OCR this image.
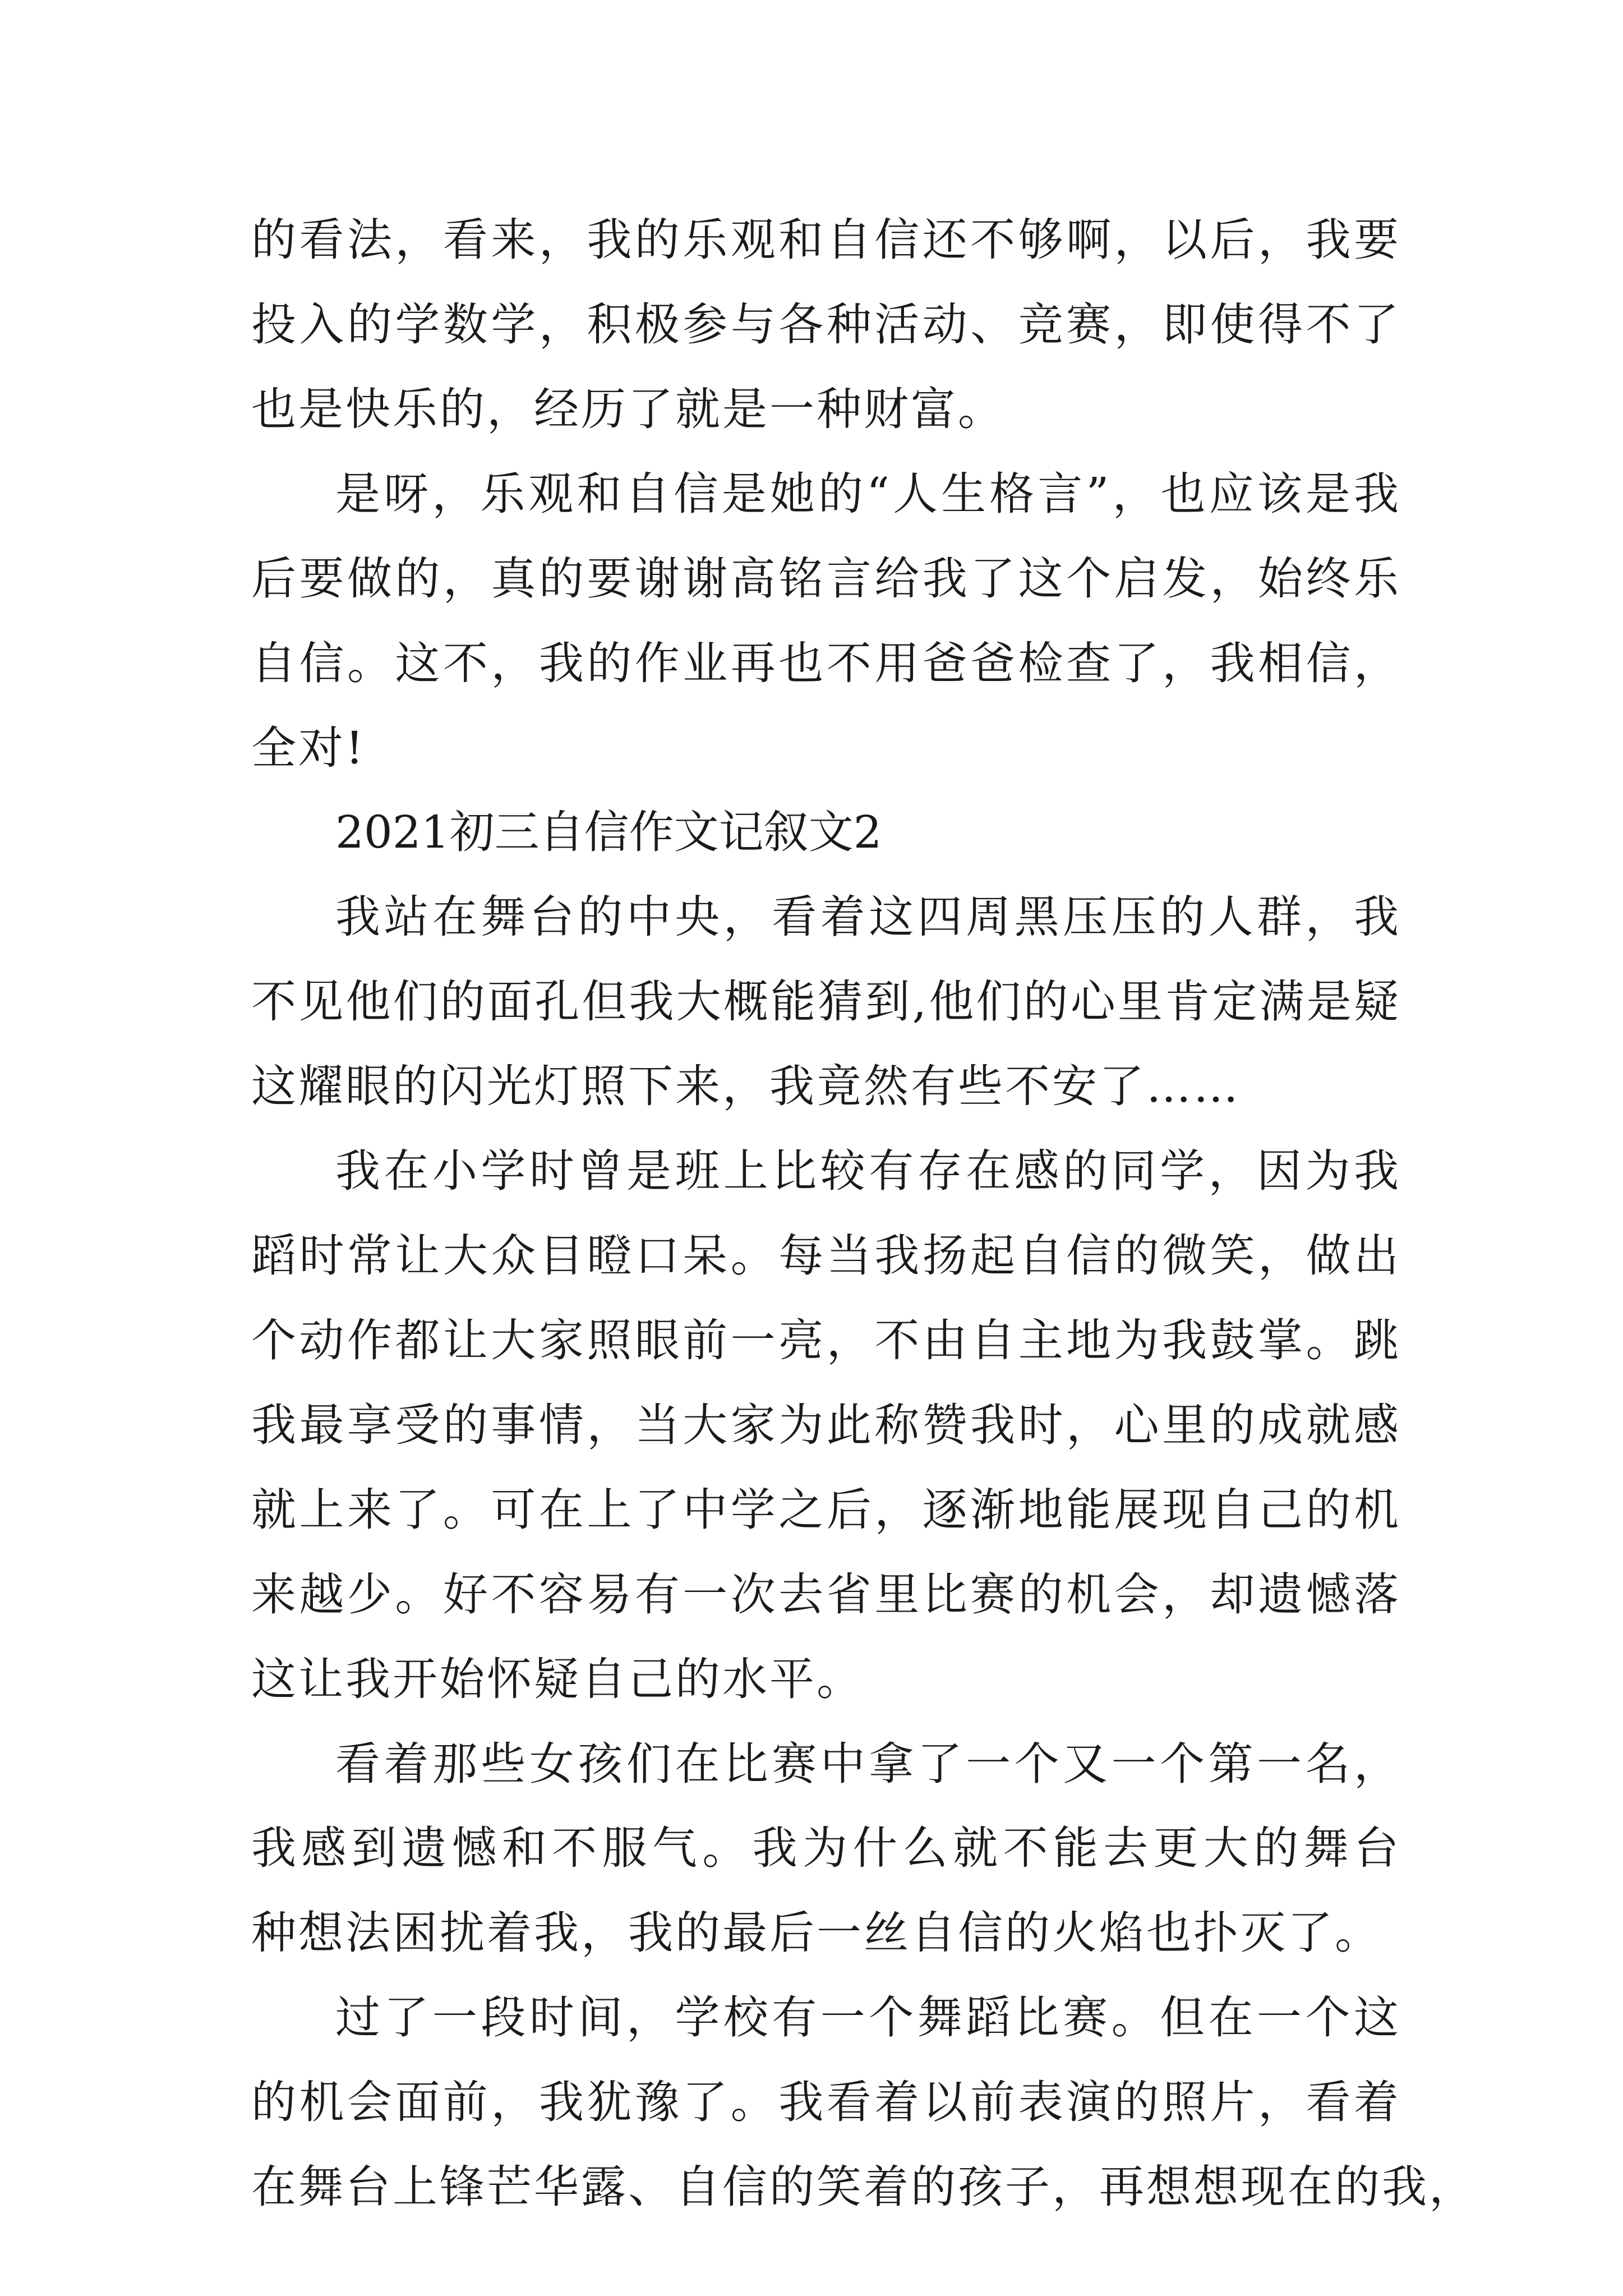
的看法，看来，我的乐观和自信还不够啊，以后，我要
投入的学数学，积极参与各种活动、竞赛，即使得不了
也是快乐的，经历了就是一种财富。
是呀，乐观和自信是她的“人生格言”，也应该是我
后要做的，真的要谢谢高铭言给我了这个启发，始终乐
自信。这不，我的作业再也不用爸爸检查了，我相信，
全对!
2021初三自信作文记叙文2
我站在舞台的中央，看着这四周黑压压的人群，我
不见他们的面孔但我大概能猜到,他们的心里肯定满是疑
这耀眼的闪光灯照下来，我竟然有些不安了……
我在小学时曾是班上比较有存在感的同学，因为我
蹈时常让大众目瞪口呆。每当我扬起自信的微笑，做出
个动作都让大家照眼前一亮，不由自主地为我鼓掌。跳
我最享受的事情，当大家为此称赞我时，心里的成就感
就上来了。可在上了中学之后，逐渐地能展现自己的机
来越少。好不容易有一次去省里比赛的机会，却遗憾落
这让我开始怀疑自己的水平。
看着那些女孩们在比赛中拿了一个又一个第一名，
我感到遗憾和不服气。我为什么就不能去更大的舞台
种想法困扰着我，我的最后一丝自信的火焰也扑灭了。
过了一段时间，学校有一个舞蹈比赛。但在一个这
的机会面前，我犹豫了。我看着以前表演的照片，看着
在舞台上锋芒华露、自信的笑着的孩子，再想想现在的我，
